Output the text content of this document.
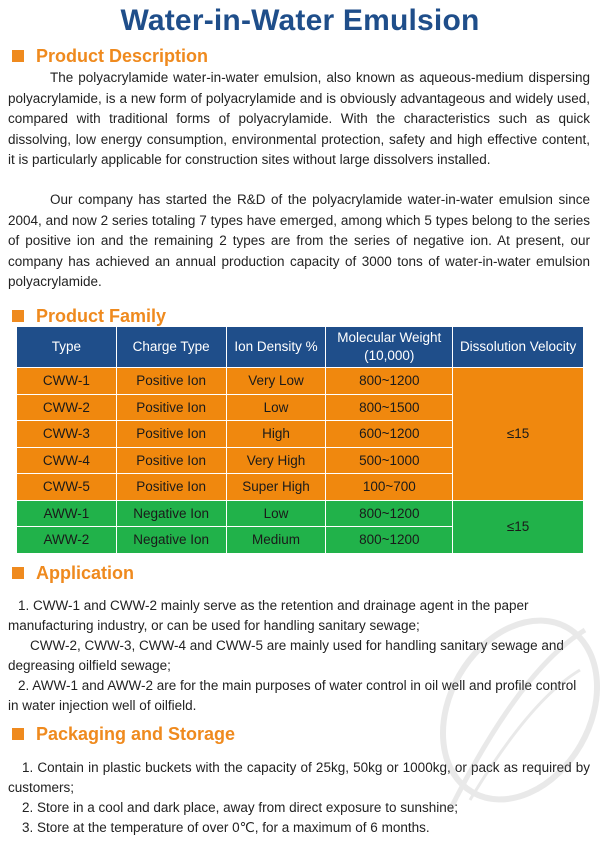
Water-in-Water Emulsion
Product Description

The polyacrylamide water-in-water emulsion, also known as aqueous-medium dispersing polyacrylamide, is a new form of polyacrylamide and is obviously advantageous and widely used, compared with traditional forms of polyacrylamide. With the characteristics such as quick dissolving, low energy consumption, environmental protection, safety and high effective content, it is particularly applicable for construction sites without large dissolvers installed.

Our company has started the R&D of the polyacrylamide water-in-water emulsion since 2004, and now 2 series totaling 7 types have emerged, among which 5 types belong to the series of positive ion and the remaining 2 types are from the series of negative ion. At present, our company has achieved an annual production capacity of 3000 tons of water-in-water emulsion polyacrylamide.

Product Family
Type	Charge Type	Ion Density %	Molecular Weight (10,000)	Dissolution Velocity
CWW-1	Positive Ion	Very Low	800~1200	≤15
CWW-2	Positive Ion	Low	800~1500	
CWW-3	Positive Ion	High	600~1200	
CWW-4	Positive Ion	Very High	500~1000	
CWW-5	Positive Ion	Super High	100~700	
AWW-1	Negative Ion	Low	800~1200	≤15
AWW-2	Negative Ion	Medium	800~1200	
Application

1. CWW-1 and CWW-2 mainly serve as the retention and drainage agent in the paper manufacturing industry, or can be used for handling sanitary sewage;

CWW-2, CWW-3, CWW-4 and CWW-5 are mainly used for handling sanitary sewage and degreasing oilfield sewage;

2. AWW-1 and AWW-2 are for the main purposes of water control in oil well and profile control in water injection well of oilfield.

Packaging and Storage

1. Contain in plastic buckets with the capacity of 25kg, 50kg or 1000kg, or pack as required by customers;

2. Store in a cool and dark place, away from direct exposure to sunshine;

3. Store at the temperature of over 0℃, for a maximum of 6 months.
